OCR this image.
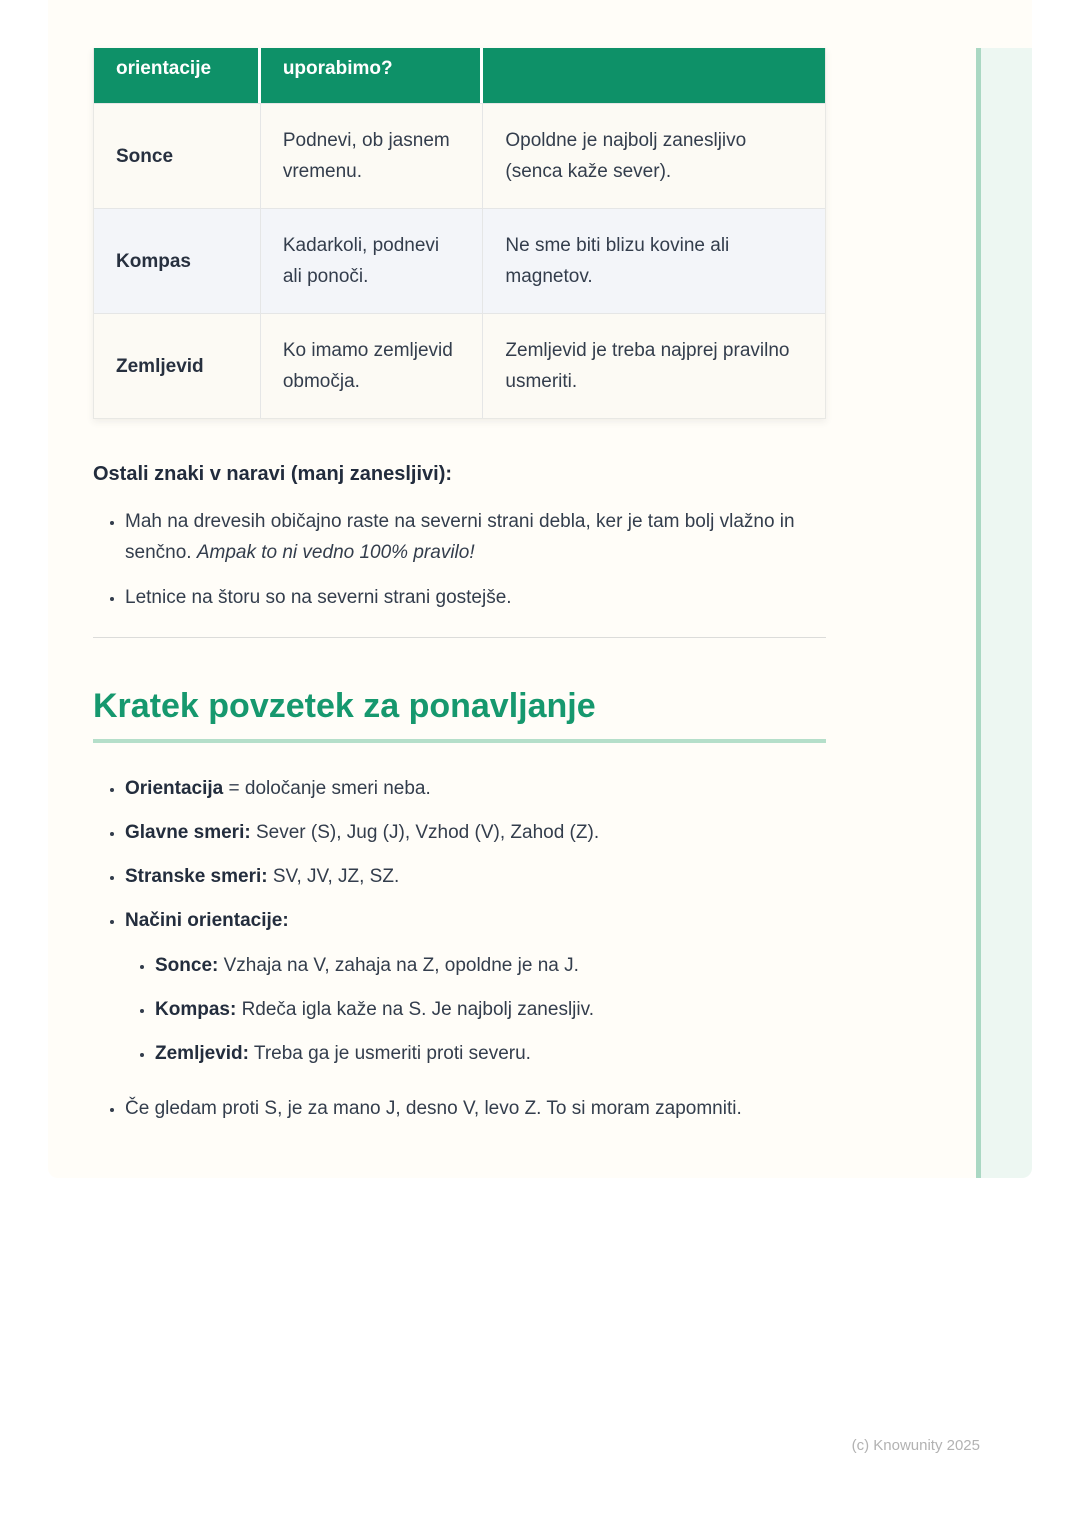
orientacije	uporabimo?	
Sonce	Podnevi, ob jasnem vremenu.	Opoldne je najbolj zanesljivo (senca kaže sever).
Kompas	Kadarkoli, podnevi ali ponoči.	Ne sme biti blizu kovine ali magnetov.
Zemljevid	Ko imamo zemljevid območja.	Zemljevid je treba najprej pravilno usmeriti.

Ostali znaki v naravi (manj zanesljivi):

• Mah na drevesih običajno raste na severni strani debla, ker je tam bolj vlažno in senčno. Ampak to ni vedno 100% pravilo!
• Letnice na štoru so na severni strani gostejše.
Kratek povzetek za ponavljanje
• Orientacija = določanje smeri neba.
• Glavne smeri: Sever (S), Jug (J), Vzhod (V), Zahod (Z).
• Stranske smeri: SV, JV, JZ, SZ.
• Načini orientacije:
• Sonce: Vzhaja na V, zahaja na Z, opoldne je na J.
• Kompas: Rdeča igla kaže na S. Je najbolj zanesljiv.
• Zemljevid: Treba ga je usmeriti proti severu.
• Če gledam proti S, je za mano J, desno V, levo Z. To si moram zapomniti.
(c) Knowunity 2025
